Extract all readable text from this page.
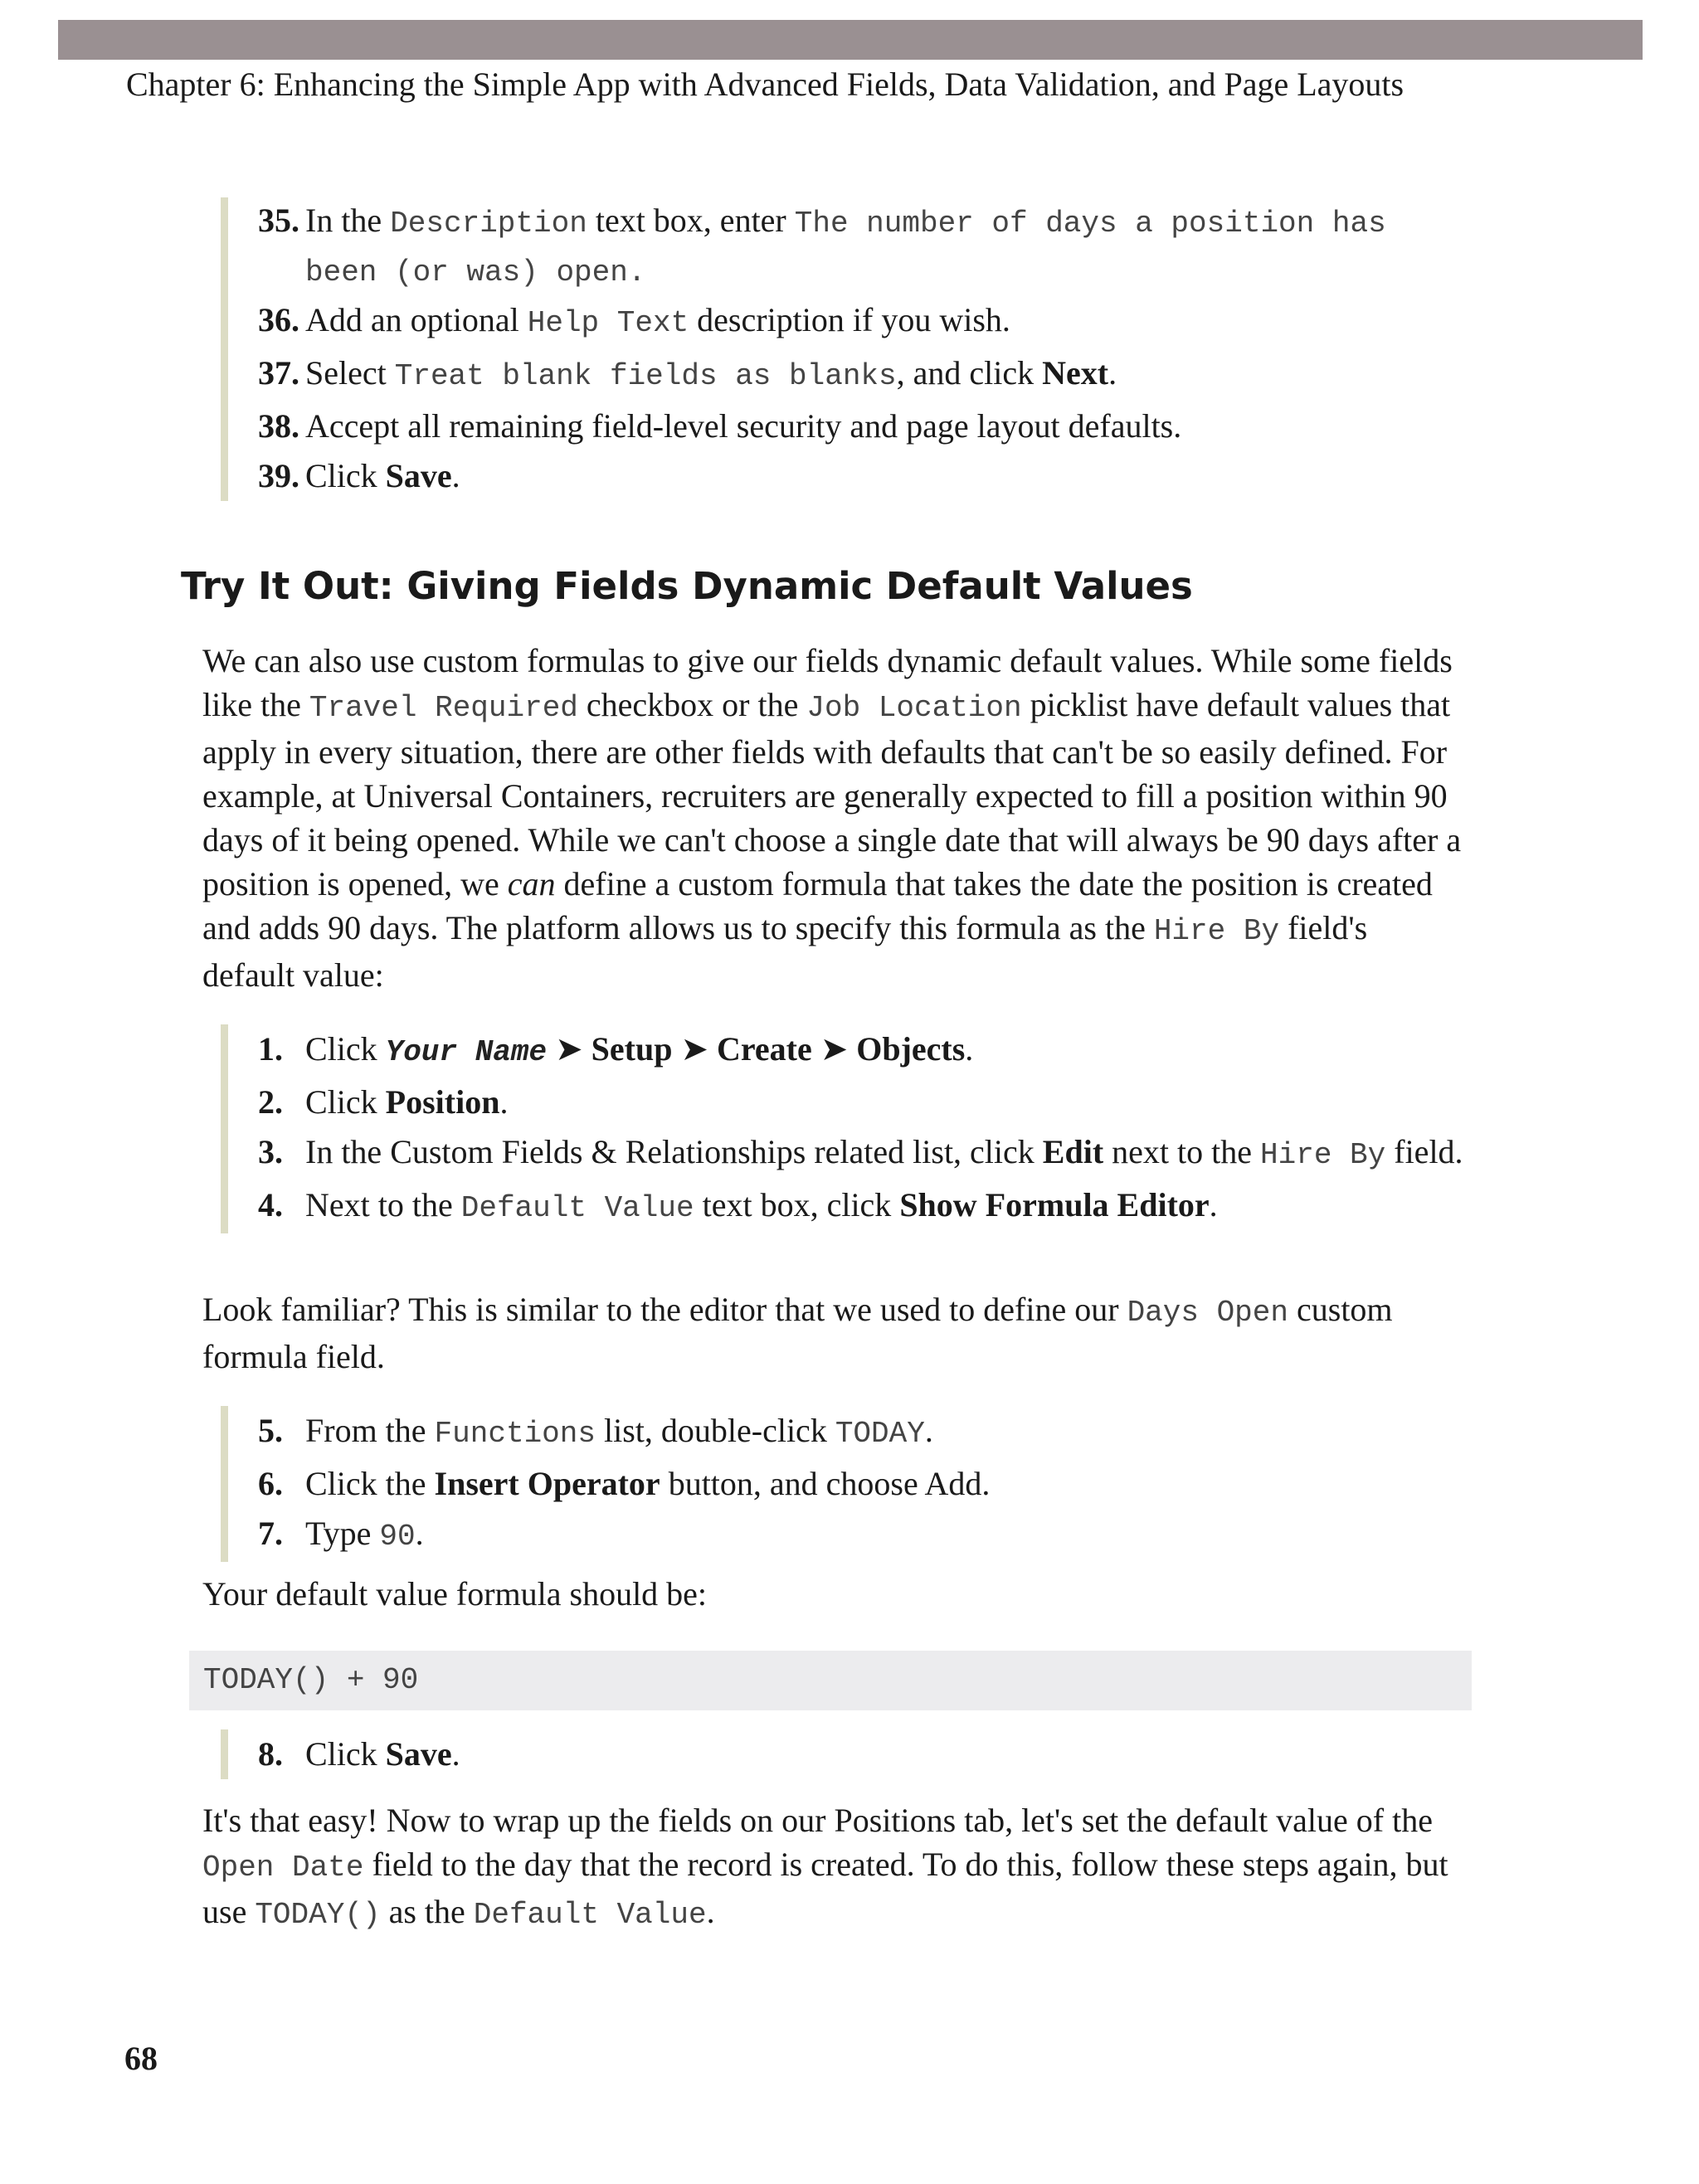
Chapter 6: Enhancing the Simple App with Advanced Fields, Data Validation, and Page Layouts
35. In the Description text box, enter The number of days a position has been (or was) open.
36. Add an optional Help Text description if you wish.
37. Select Treat blank fields as blanks, and click Next.
38. Accept all remaining field-level security and page layout defaults.
39. Click Save.
Try It Out: Giving Fields Dynamic Default Values
We can also use custom formulas to give our fields dynamic default values. While some fields like the Travel Required checkbox or the Job Location picklist have default values that apply in every situation, there are other fields with defaults that can't be so easily defined. For example, at Universal Containers, recruiters are generally expected to fill a position within 90 days of it being opened. While we can't choose a single date that will always be 90 days after a position is opened, we can define a custom formula that takes the date the position is created and adds 90 days. The platform allows us to specify this formula as the Hire By field's default value:
1. Click Your Name ➤ Setup ➤ Create ➤ Objects.
2. Click Position.
3. In the Custom Fields & Relationships related list, click Edit next to the Hire By field.
4. Next to the Default Value text box, click Show Formula Editor.
Look familiar? This is similar to the editor that we used to define our Days Open custom formula field.
5. From the Functions list, double-click TODAY.
6. Click the Insert Operator button, and choose Add.
7. Type 90.
Your default value formula should be:
TODAY() + 90
8. Click Save.
It's that easy! Now to wrap up the fields on our Positions tab, let's set the default value of the Open Date field to the day that the record is created. To do this, follow these steps again, but use TODAY() as the Default Value.
68
